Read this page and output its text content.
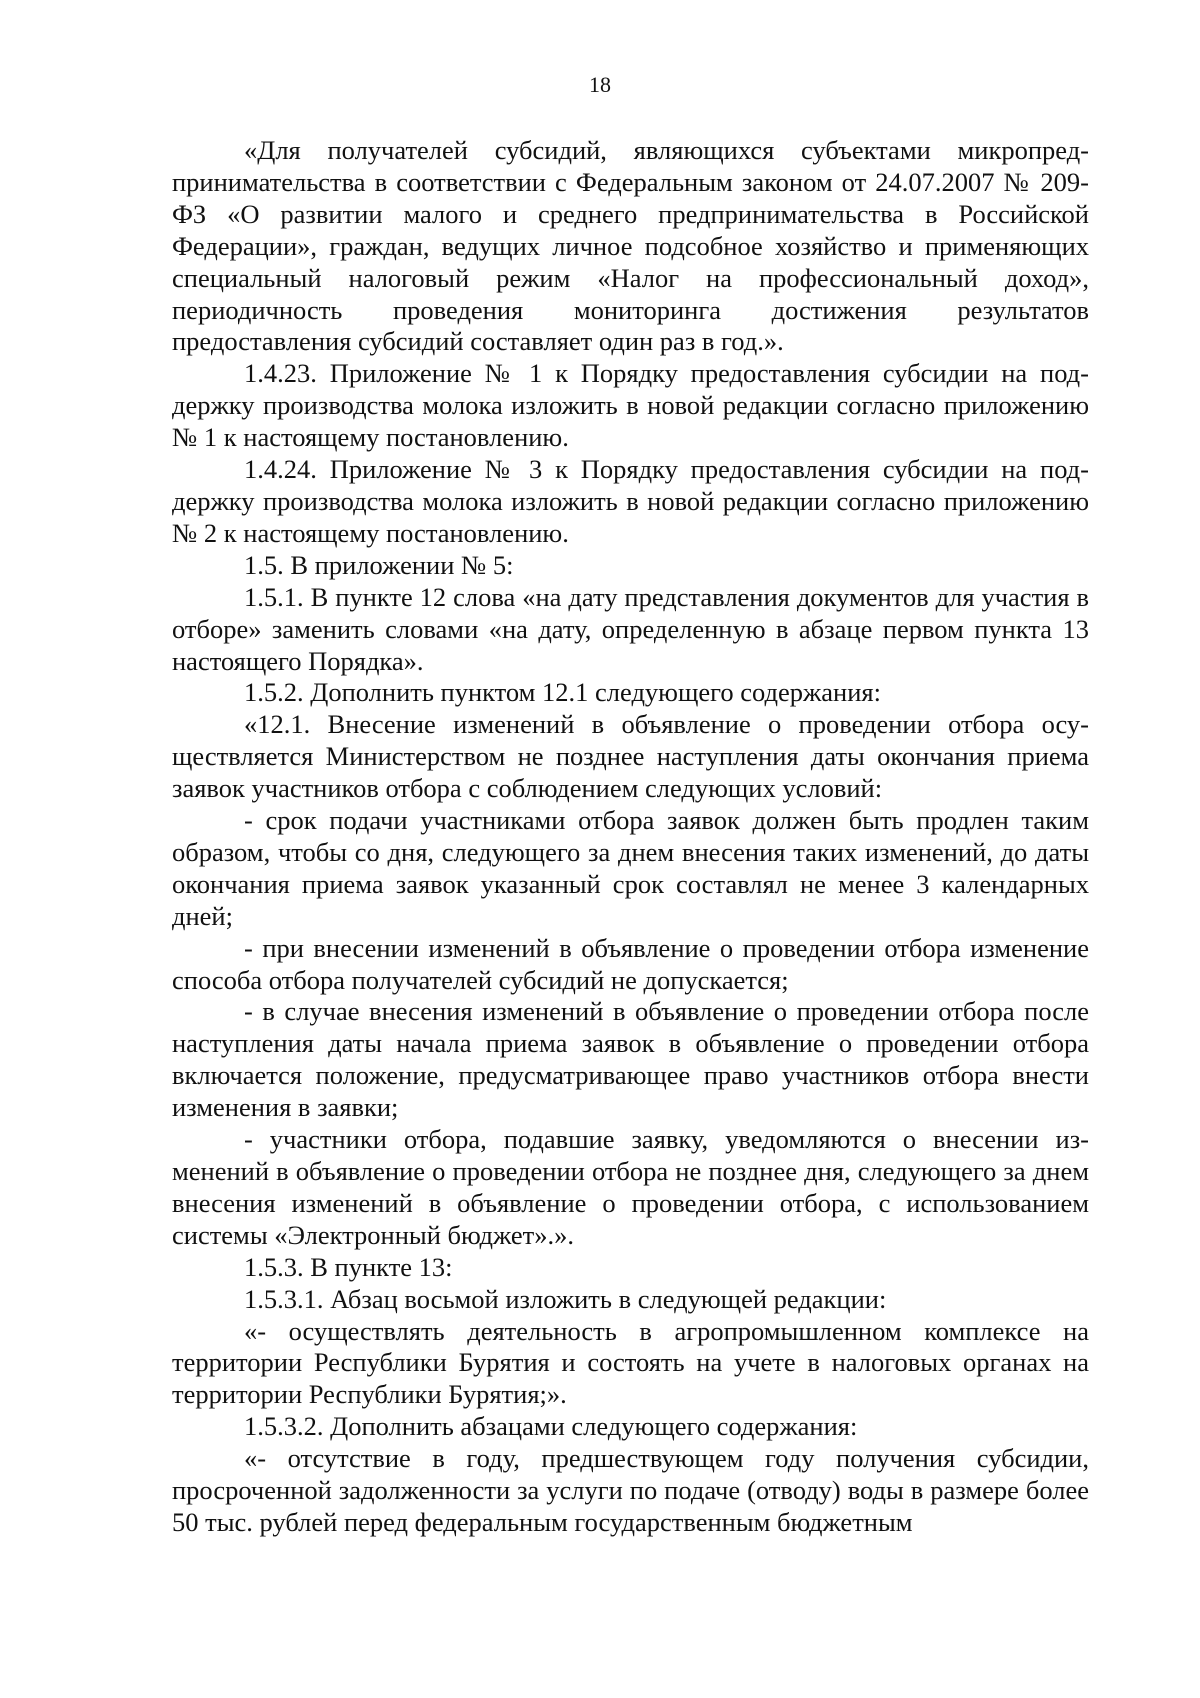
18

«Для получателей субсидий, являющихся субъектами микропредпринимательства в соответствии с Федеральным законом от 24.07.2007 № 209-ФЗ «О развитии малого и среднего предпринимательства в Российской Федерации», граждан, ведущих личное подсобное хозяйство и применяющих специальный налоговый режим «Налог на профессиональный доход», периодичность проведения мониторинга достижения результатов предоставления субсидий составляет один раз в год.».

1.4.23. Приложение № 1 к Порядку предоставления субсидии на поддержку производства молока изложить в новой редакции согласно приложению № 1 к настоящему постановлению.

1.4.24. Приложение № 3 к Порядку предоставления субсидии на поддержку производства молока изложить в новой редакции согласно приложению № 2 к настоящему постановлению.

1.5. В приложении № 5:

1.5.1. В пункте 12 слова «на дату представления документов для участия в отборе» заменить словами «на дату, определенную в абзаце первом пункта 13 настоящего Порядка».

1.5.2. Дополнить пунктом 12.1 следующего содержания:

«12.1. Внесение изменений в объявление о проведении отбора осуществляется Министерством не позднее наступления даты окончания приема заявок участников отбора с соблюдением следующих условий:

- срок подачи участниками отбора заявок должен быть продлен таким образом, чтобы со дня, следующего за днем внесения таких изменений, до даты окончания приема заявок указанный срок составлял не менее 3 календарных дней;

- при внесении изменений в объявление о проведении отбора изменение способа отбора получателей субсидий не допускается;

- в случае внесения изменений в объявление о проведении отбора после наступления даты начала приема заявок в объявление о проведении отбора включается положение, предусматривающее право участников отбора внести изменения в заявки;

- участники отбора, подавшие заявку, уведомляются о внесении изменений в объявление о проведении отбора не позднее дня, следующего за днем внесения изменений в объявление о проведении отбора, с использованием системы «Электронный бюджет».».

1.5.3. В пункте 13:

1.5.3.1. Абзац восьмой изложить в следующей редакции:

«- осуществлять деятельность в агропромышленном комплексе на территории Республики Бурятия и состоять на учете в налоговых органах на территории Республики Бурятия;».

1.5.3.2. Дополнить абзацами следующего содержания:

«- отсутствие в году, предшествующем году получения субсидии, просроченной задолженности за услуги по подаче (отводу) воды в размере более 50 тыс. рублей перед федеральным государственным бюджетным
